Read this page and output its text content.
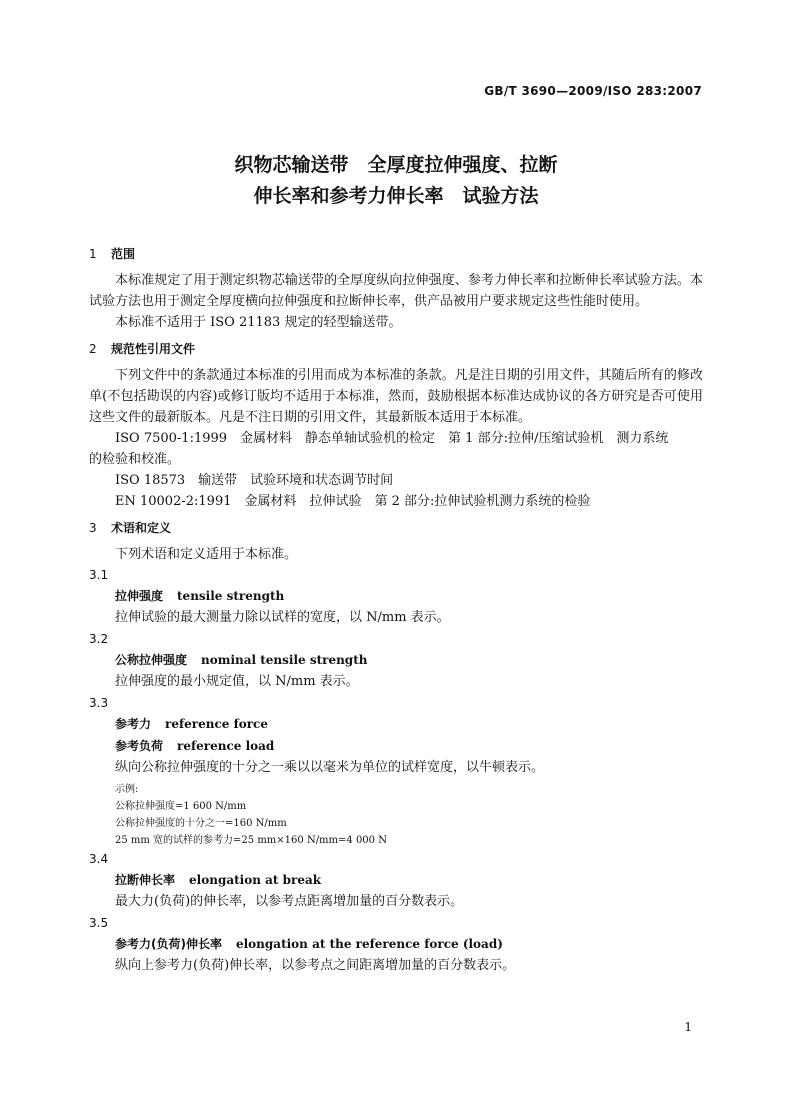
GB/T 3690—2009/ISO 283:2007
织物芯输送带　全厚度拉伸强度、拉断
伸长率和参考力伸长率　试验方法
1 范围

本标准规定了用于测定织物芯输送带的全厚度纵向拉伸强度、参考力伸长率和拉断伸长率试验方法。本试验方法也用于测定全厚度横向拉伸强度和拉断伸长率，供产品被用户要求规定这些性能时使用。

本标准不适用于 ISO 21183 规定的轻型输送带。

2 规范性引用文件

下列文件中的条款通过本标准的引用而成为本标准的条款。凡是注日期的引用文件，其随后所有的修改单(不包括勘误的内容)或修订版均不适用于本标准，然而，鼓励根据本标准达成协议的各方研究是否可使用这些文件的最新版本。凡是不注日期的引用文件，其最新版本适用于本标准。

ISO 7500-1:1999　金属材料　静态单轴试验机的检定　第 1 部分:拉伸/压缩试验机　测力系统

的检验和校准。

ISO 18573　输送带　试验环境和状态调节时间

EN 10002-2:1991　金属材料　拉伸试验　第 2 部分:拉伸试验机测力系统的检验

3 术语和定义

下列术语和定义适用于本标准。

3.1
拉伸强度 tensile strength
拉伸试验的最大测量力除以试样的宽度，以 N/mm 表示。
3.2
公称拉伸强度 nominal tensile strength
拉伸强度的最小规定值，以 N/mm 表示。
3.3
参考力 reference force
参考负荷 reference load
纵向公称拉伸强度的十分之一乘以以毫米为单位的试样宽度，以牛顿表示。
示例:
公称拉伸强度=1 600 N/mm
公称拉伸强度的十分之一=160 N/mm
25 mm 宽的试样的参考力=25 mm×160 N/mm=4 000 N
3.4
拉断伸长率 elongation at break
最大力(负荷)的伸长率，以参考点距离增加量的百分数表示。
3.5
参考力(负荷)伸长率 elongation at the reference force (load)
纵向上参考力(负荷)伸长率，以参考点之间距离增加量的百分数表示。
1
